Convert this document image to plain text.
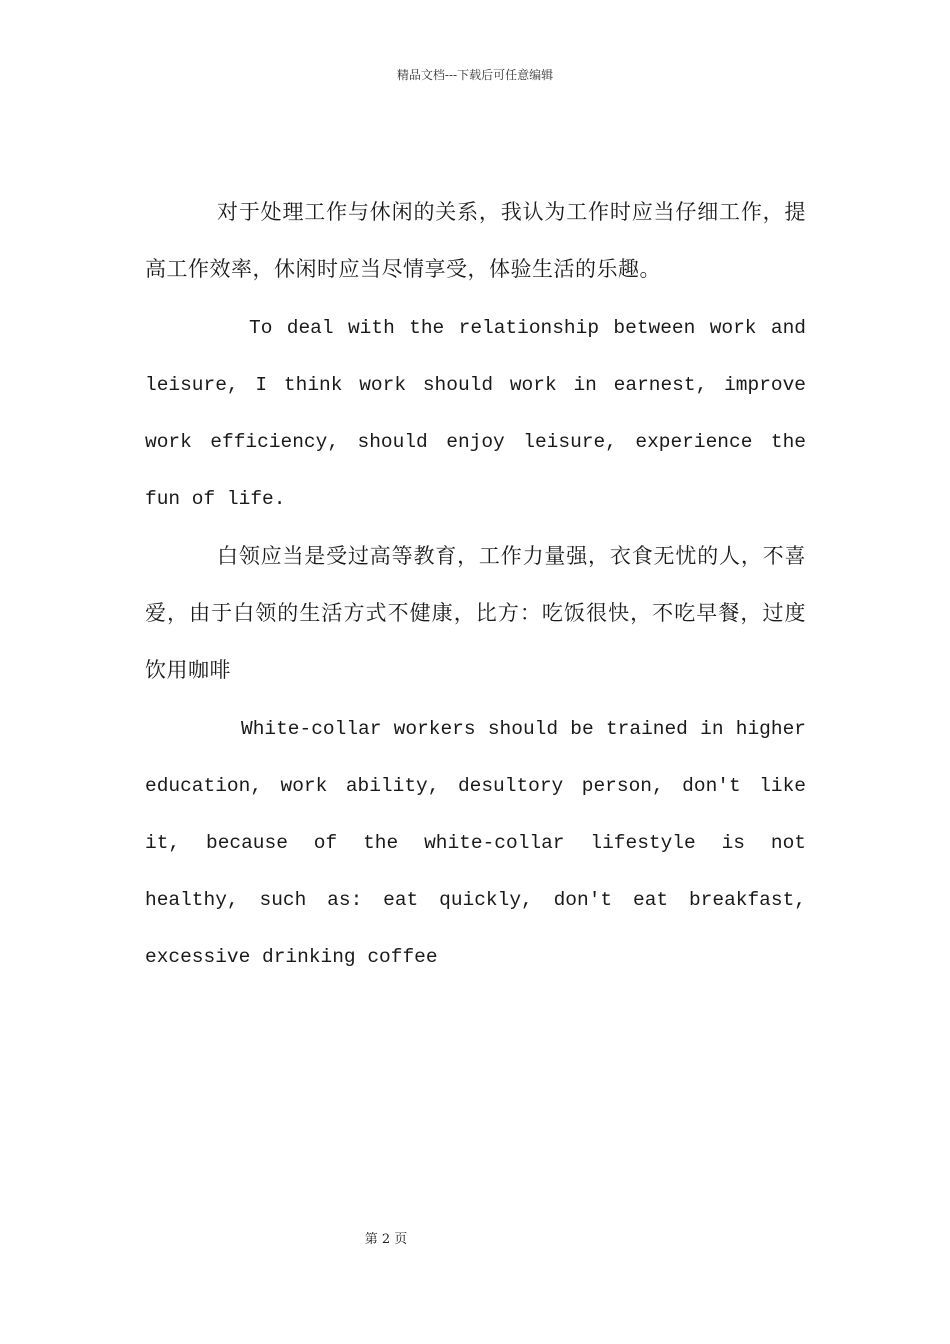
精品文档---下载后可任意编辑

对于处理工作与休闲的关系，我认为工作时应当仔细工作，提高工作效率，休闲时应当尽情享受，体验生活的乐趣。

To deal with the relationship between work and leisure, I think work should work in earnest, improve work efficiency, should enjoy leisure, experience the fun of life.

白领应当是受过高等教育，工作力量强，衣食无忧的人，不喜爱，由于白领的生活方式不健康，比方：吃饭很快，不吃早餐，过度饮用咖啡

White-collar workers should be trained in higher education, work ability, desultory person, don't like it, because of the white-collar lifestyle is not healthy, such as: eat quickly, don't eat breakfast, excessive drinking coffee

第 2 页
